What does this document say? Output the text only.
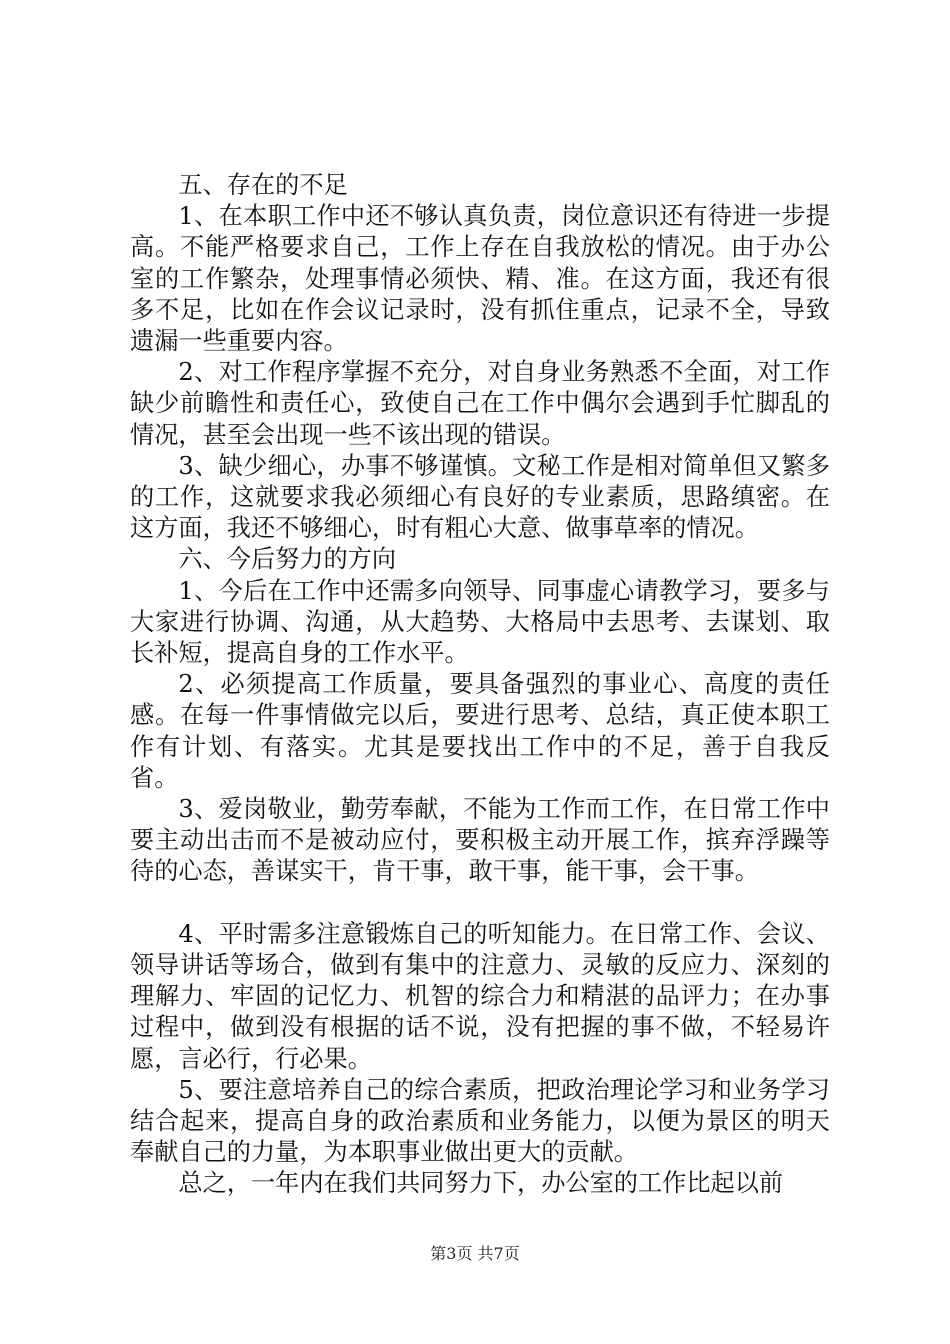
五、存在的不足

1、在本职工作中还不够认真负责，岗位意识还有待进一步提高。不能严格要求自己，工作上存在自我放松的情况。由于办公室的工作繁杂，处理事情必须快、精、准。在这方面，我还有很多不足，比如在作会议记录时，没有抓住重点，记录不全，导致遗漏一些重要内容。

2、对工作程序掌握不充分，对自身业务熟悉不全面，对工作缺少前瞻性和责任心，致使自己在工作中偶尔会遇到手忙脚乱的情况，甚至会出现一些不该出现的错误。

3、缺少细心，办事不够谨慎。文秘工作是相对简单但又繁多的工作，这就要求我必须细心有良好的专业素质，思路缜密。在这方面，我还不够细心，时有粗心大意、做事草率的情况。

六、今后努力的方向

1、今后在工作中还需多向领导、同事虚心请教学习，要多与大家进行协调、沟通，从大趋势、大格局中去思考、去谋划、取长补短，提高自身的工作水平。

2、必须提高工作质量，要具备强烈的事业心、高度的责任感。在每一件事情做完以后，要进行思考、总结，真正使本职工作有计划、有落实。尤其是要找出工作中的不足，善于自我反省。

3、爱岗敬业，勤劳奉献，不能为工作而工作，在日常工作中要主动出击而不是被动应付，要积极主动开展工作，摈弃浮躁等待的心态，善谋实干，肯干事，敢干事，能干事，会干事。

4、平时需多注意锻炼自己的听知能力。在日常工作、会议、领导讲话等场合，做到有集中的注意力、灵敏的反应力、深刻的理解力、牢固的记忆力、机智的综合力和精湛的品评力；在办事过程中，做到没有根据的话不说，没有把握的事不做，不轻易许愿，言必行，行必果。

5、要注意培养自己的综合素质，把政治理论学习和业务学习结合起来，提高自身的政治素质和业务能力，以便为景区的明天奉献自己的力量，为本职事业做出更大的贡献。

总之，一年内在我们共同努力下，办公室的工作比起以前

第3页 共7页
